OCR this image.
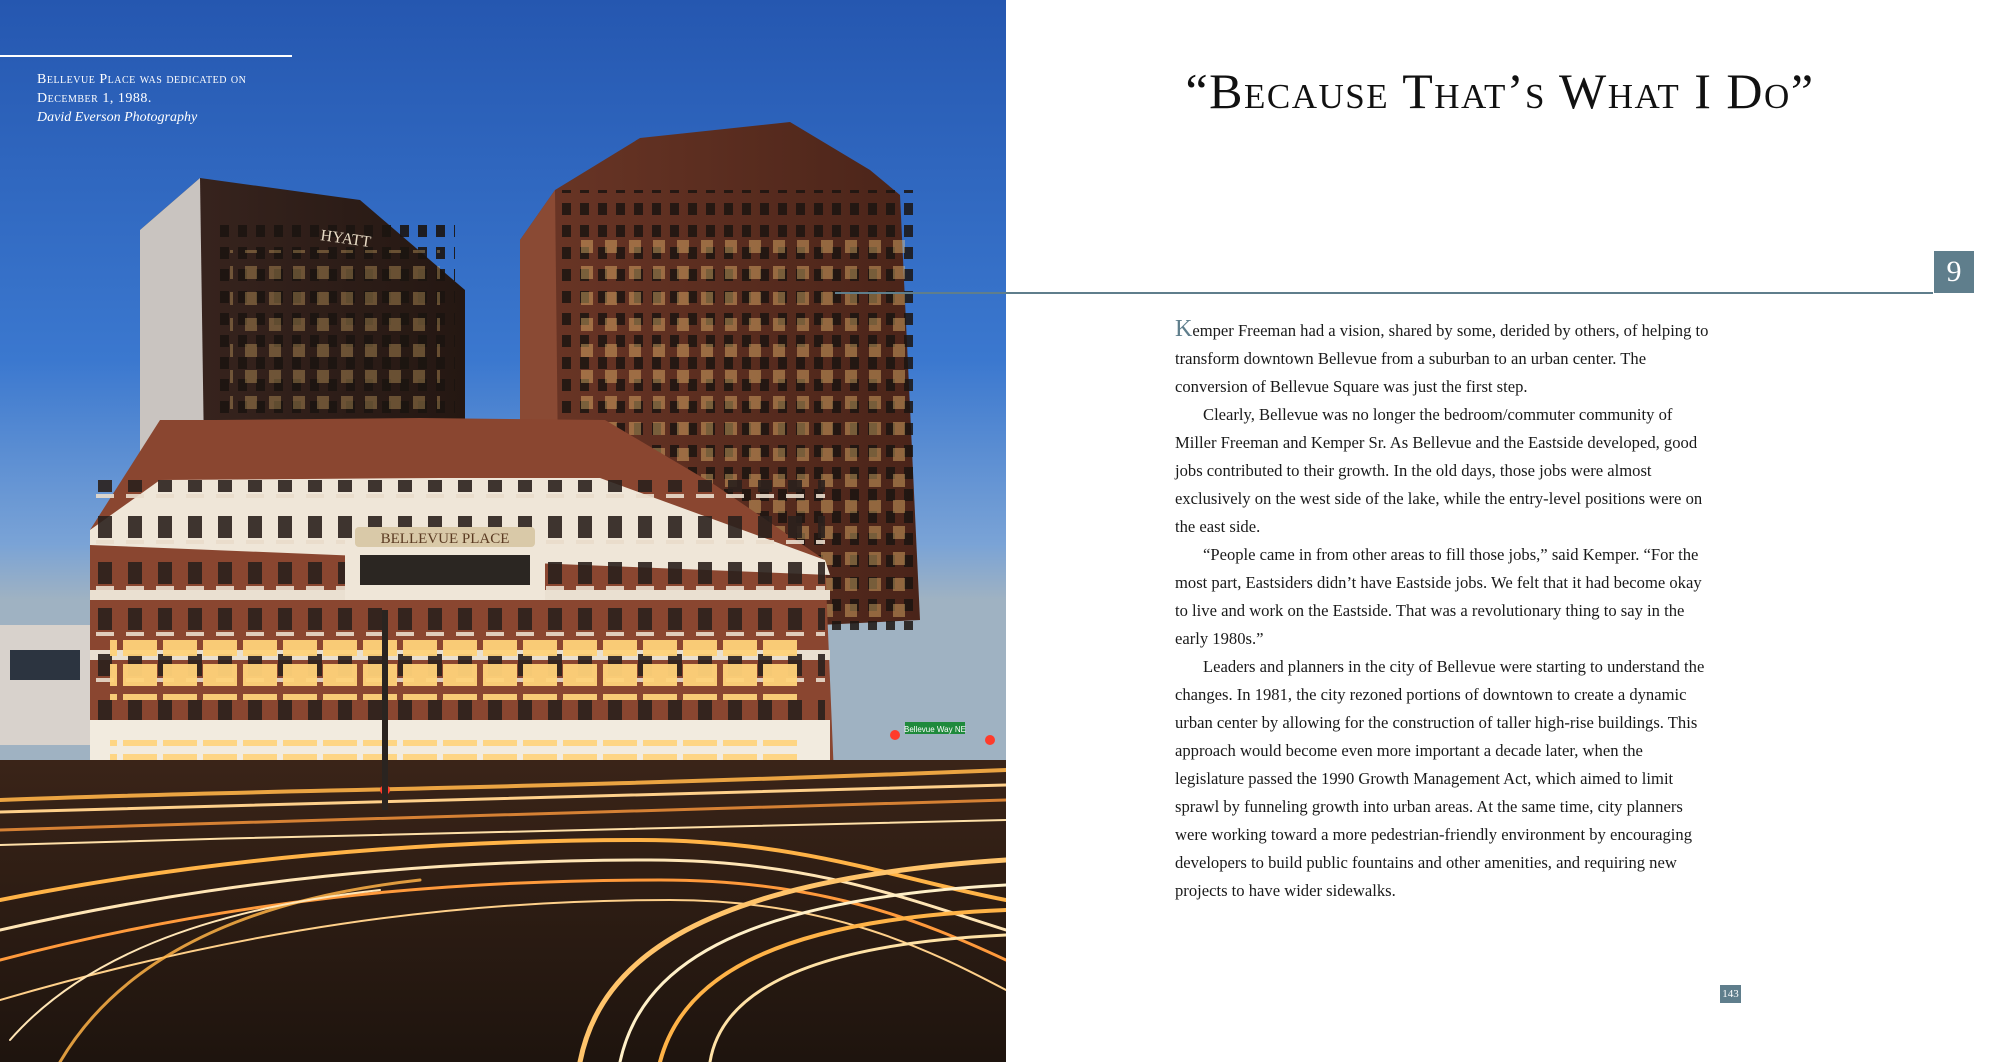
HYATT
BELLEVUE PLACE
Bellevue Way NE
Bellevue Place was dedicated on
December 1, 1988.
David Everson Photography	“Because That’s What I Do”
9

Kemper Freeman had a vision, shared by some, derided by others, of helping to transform downtown Bellevue from a suburban to an urban center. The conversion of Bellevue Square was just the first step.

Clearly, Bellevue was no longer the bedroom/commuter community of Miller Freeman and Kemper Sr. As Bellevue and the Eastside developed, good jobs contributed to their growth. In the old days, those jobs were almost exclusively on the west side of the lake, while the entry-level positions were on the east side.

“People came in from other areas to fill those jobs,” said Kemper. “For the most part, Eastsiders didn’t have Eastside jobs. We felt that it had become okay to live and work on the Eastside. That was a revolutionary thing to say in the early 1980s.”

Leaders and planners in the city of Bellevue were starting to understand the changes. In 1981, the city rezoned portions of downtown to create a dynamic urban center by allowing for the construction of taller high-rise buildings. This approach would become even more important a decade later, when the legislature passed the 1990 Growth Management Act, which aimed to limit sprawl by funneling growth into urban areas. At the same time, city planners were working toward a more pedestrian-friendly environment by encouraging developers to build public fountains and other amenities, and requiring new projects to have wider sidewalks.

143
